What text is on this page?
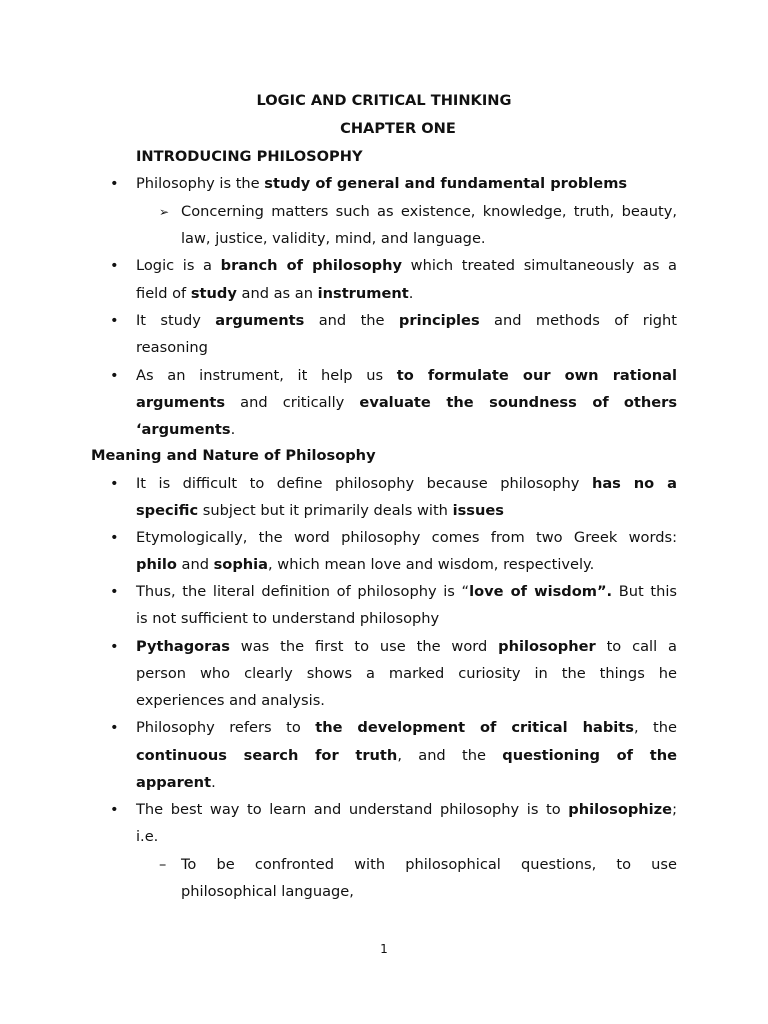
LOGIC AND CRITICAL THINKING
CHAPTER ONE
INTRODUCING PHILOSOPHY
• Philosophy is the study of general and fundamental problems
➢ Concerning matters such as existence, knowledge, truth, beauty,
law, justice, validity, mind, and language.
• Logic is a branch of philosophy which treated simultaneously as a
field of study and as an instrument.
• It study arguments and the principles and methods of right
reasoning
• As an instrument, it help us to formulate our own rational
arguments and critically evaluate the soundness of others
‘arguments.
Meaning and Nature of Philosophy
• It is difficult to define philosophy because philosophy has no a
specific subject but it primarily deals with issues
• Etymologically, the word philosophy comes from two Greek words:
philo and sophia, which mean love and wisdom, respectively.
• Thus, the literal definition of philosophy is “love of wisdom”. But this
is not sufficient to understand philosophy
• Pythagoras was the first to use the word philosopher to call a
person who clearly shows a marked curiosity in the things he
experiences and analysis.
• Philosophy refers to the development of critical habits, the
continuous search for truth, and the questioning of the
apparent.
• The best way to learn and understand philosophy is to philosophize;
i.e.
– To be confronted with philosophical questions, to use
philosophical language,
1
